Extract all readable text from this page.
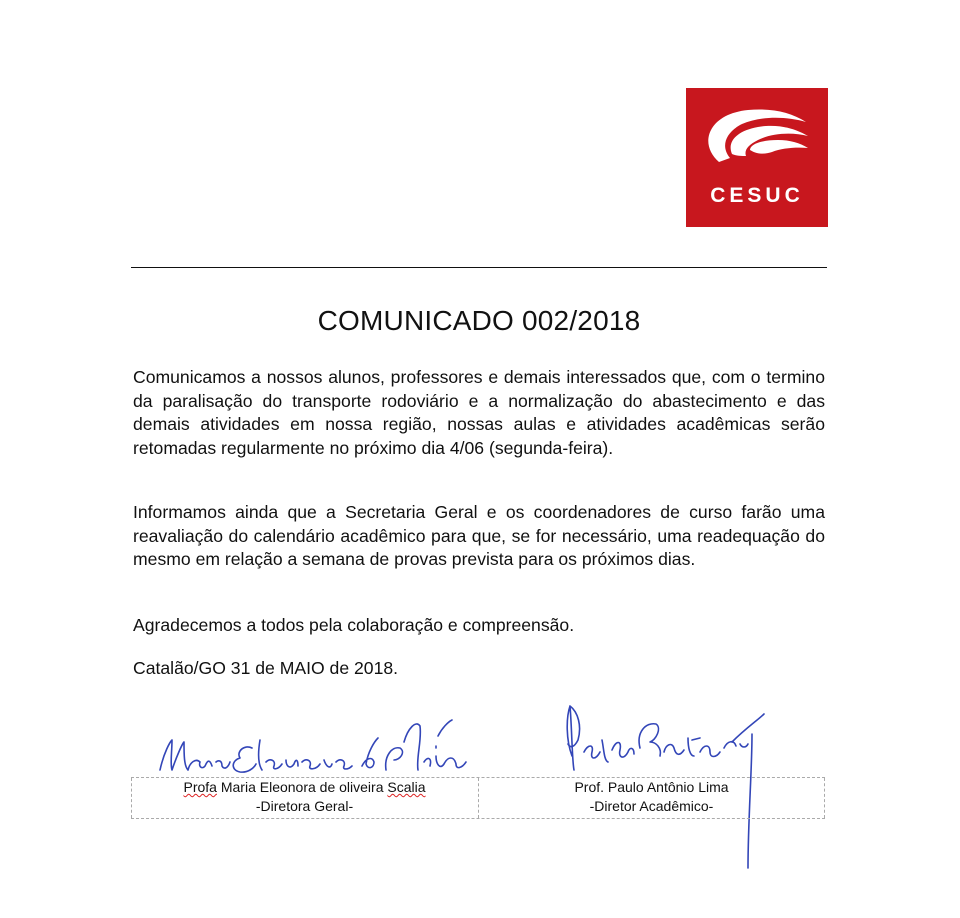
CESUC
COMUNICADO 002/2018

Comunicamos a nossos alunos, professores e demais interessados que, com o termino da paralisação do transporte rodoviário e a normalização do abastecimento e das demais atividades em nossa região, nossas aulas e atividades acadêmicas serão retomadas regularmente no próximo dia 4/06 (segunda-feira).

Informamos ainda que a Secretaria Geral e os coordenadores de curso farão uma reavaliação do calendário acadêmico para que, se for necessário, uma readequação do mesmo em relação a semana de provas prevista para os próximos dias.

Agradecemos a todos pela colaboração e compreensão.

Catalão/GO 31 de MAIO de 2018.

Profa Maria Eleonora de oliveira Scalia
-Diretora Geral-
Prof. Paulo Antônio Lima
-Diretor Acadêmico-
